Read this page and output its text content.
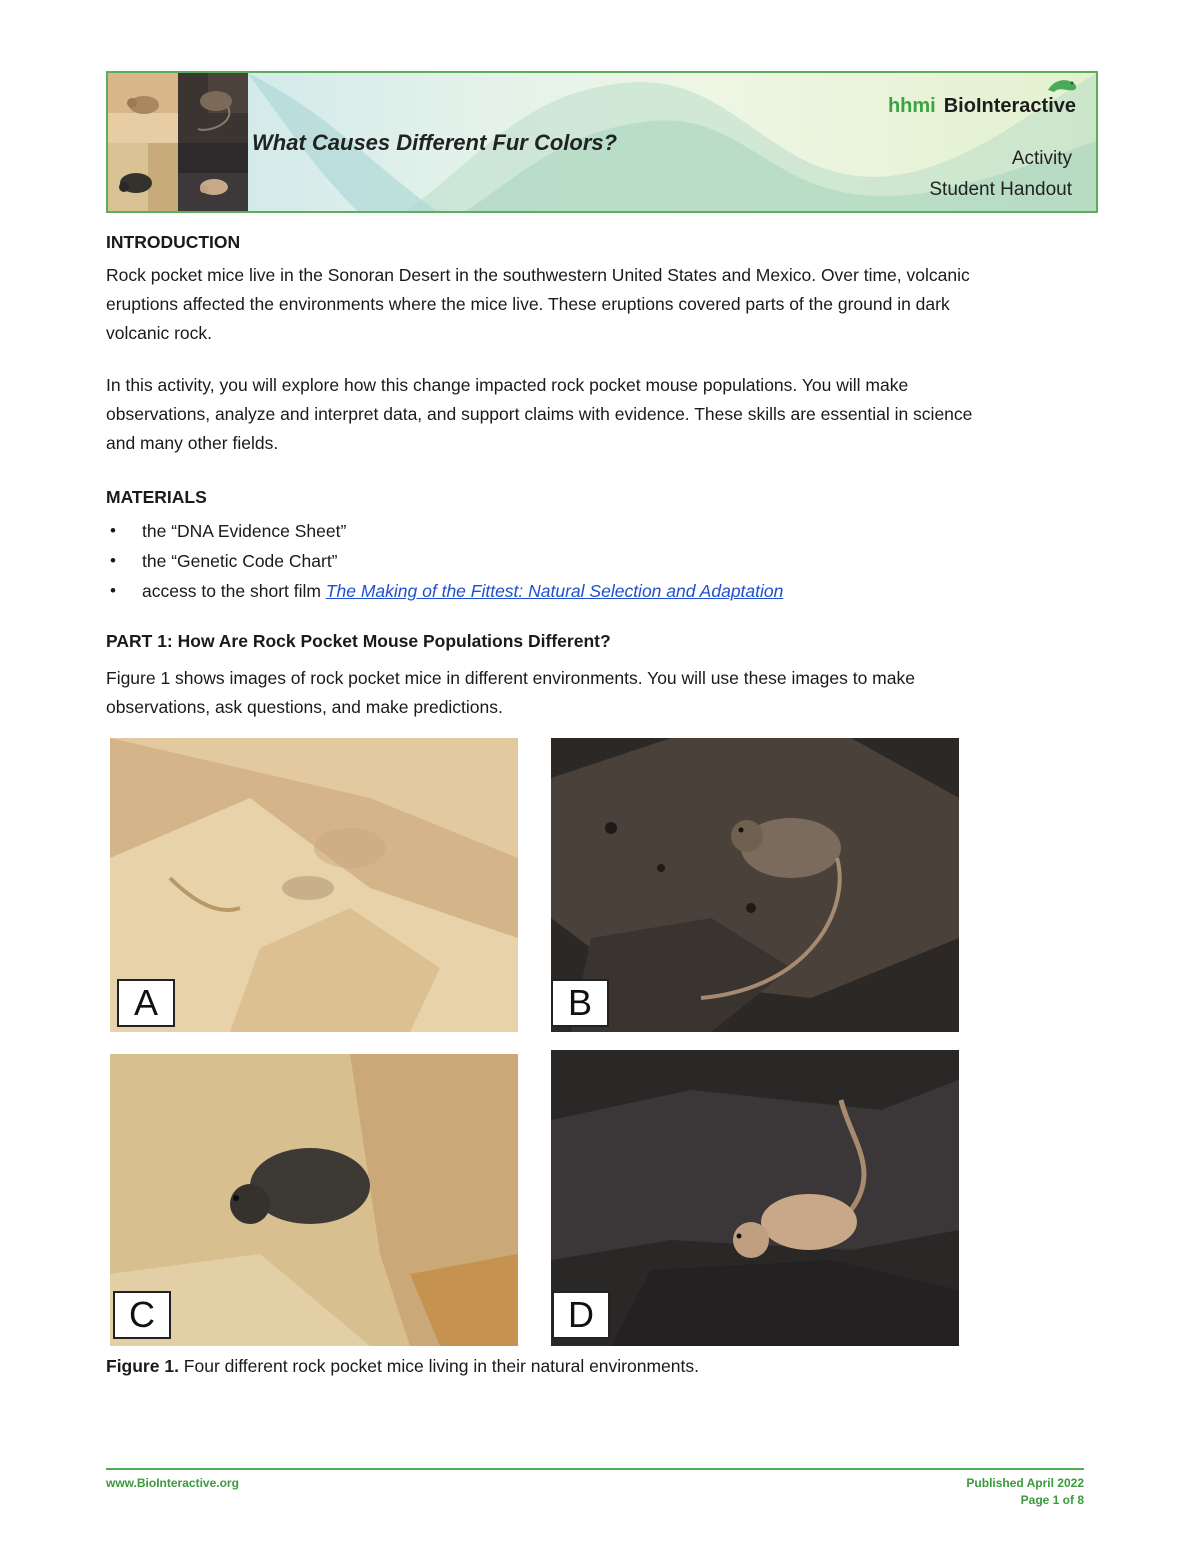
What Causes Different Fur Colors?
hhmi BioInteractive
Activity
Student Handout
INTRODUCTION
Rock pocket mice live in the Sonoran Desert in the southwestern United States and Mexico. Over time, volcanic
eruptions affected the environments where the mice live. These eruptions covered parts of the ground in dark
volcanic rock.
In this activity, you will explore how this change impacted rock pocket mouse populations. You will make
observations, analyze and interpret data, and support claims with evidence. These skills are essential in science
and many other fields.
MATERIALS
• the “DNA Evidence Sheet”
• the “Genetic Code Chart”
• access to the short film The Making of the Fittest: Natural Selection and Adaptation
PART 1: How Are Rock Pocket Mouse Populations Different?
Figure 1 shows images of rock pocket mice in different environments. You will use these images to make
observations, ask questions, and make predictions.
A	B
C	D
Figure 1. Four different rock pocket mice living in their natural environments.
www.BioInteractive.org	Published April 2022
Page 1 of 8
